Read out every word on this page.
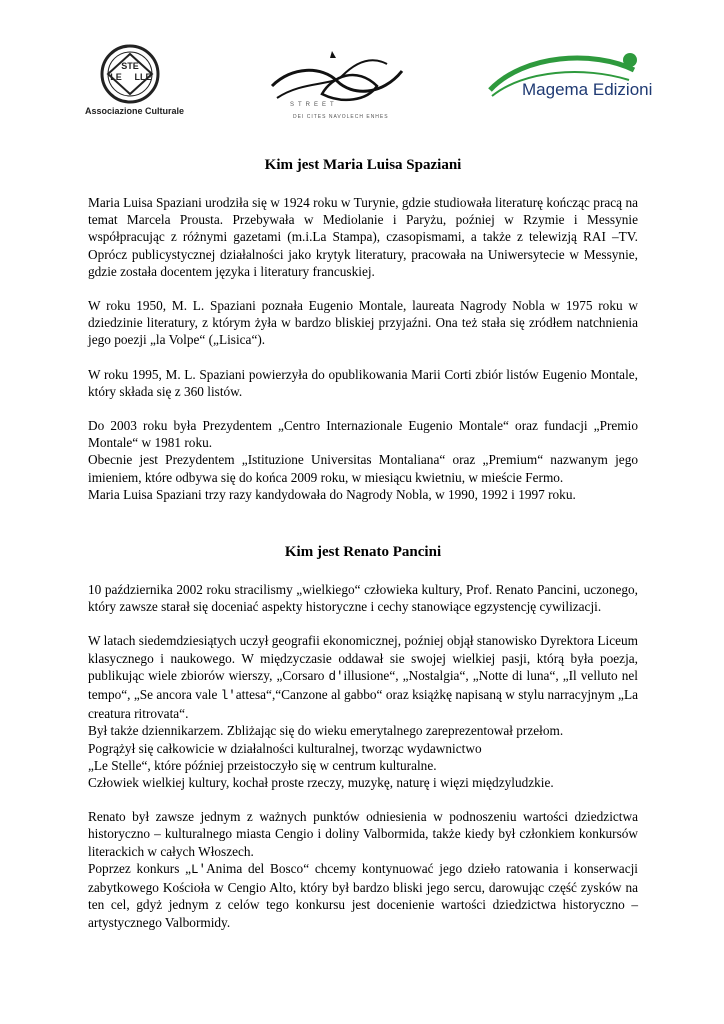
STE
LE LLE
Associazione Culturale
STREET
DEI CITES NAVOLECH ENHES
Magema Edizioni
Kim jest Maria Luisa Spaziani

Maria Luisa Spaziani urodziła się w 1924 roku w Turynie, gdzie studiowała literaturę kończąc pracą na temat Marcela Prousta. Przebywała w Mediolanie i Paryżu, poźniej w Rzymie i Messynie współpracując z różnymi gazetami (m.i.La Stampa), czasopismami, a także z telewizją RAI –TV. Oprócz publicystycznej działalności jako krytyk literatury, pracowała na Uniwersytecie w Messynie, gdzie została docentem języka i literatury francuskiej.

W roku 1950, M. L. Spaziani poznała Eugenio Montale, laureata Nagrody Nobla w 1975 roku w dziedzinie literatury, z którym żyła w bardzo bliskiej przyjaźni. Ona też stała się zródłem natchnienia jego poezji „la Volpe“ („Lisica“).

W roku 1995, M. L. Spaziani powierzyła do opublikowania Marii Corti zbiór listów Eugenio Montale, który składa się z 360 listów.

Do 2003 roku była Prezydentem „Centro Internazionale Eugenio Montale“ oraz fundacji „Premio Montale“ w 1981 roku.

Obecnie jest Prezydentem „Istituzione Universitas Montaliana“ oraz „Premium“ nazwanym jego imieniem, które odbywa się do końca 2009 roku, w miesiącu kwietniu, w mieście Fermo.

Maria Luisa Spaziani trzy razy kandydowała do Nagrody Nobla, w 1990, 1992 i 1997 roku.

Kim jest Renato Pancini

10 października 2002 roku stracilismy „wielkiego“ człowieka kultury, Prof. Renato Pancini, uczonego, który zawsze starał się doceniać aspekty historyczne i cechy stanowiące egzystencję cywilizacji.

W latach siedemdziesiątych uczył geografii ekonomicznej, poźniej objął stanowisko Dyrektora Liceum klasycznego i naukowego. W międzyczasie oddawał sie swojej wielkiej pasji, którą była poezja, publikując wiele zbiorów wierszy, „Corsaro d'illusione“, „Nostalgia“, „Notte di luna“, „Il velluto nel tempo“, „Se ancora vale l'attesa“,“Canzone al gabbo“ oraz książkę napisaną w stylu narracyjnym „La creatura ritrovata“.

Był także dziennikarzem. Zbliżając się do wieku emerytalnego zareprezentował przełom.

Pogrążył się całkowicie w działalności kulturalnej, tworząc wydawnictwo

„Le Stelle“, które później przeistoczyło się w centrum kulturalne.

Człowiek wielkiej kultury, kochał proste rzeczy, muzykę, naturę i więzi międzyludzkie.

Renato był zawsze jednym z ważnych punktów odniesienia w podnoszeniu wartości dziedzictwa historyczno – kulturalnego miasta Cengio i doliny Valbormida, także kiedy był członkiem konkursów literackich w całych Włoszech.

Poprzez konkurs „L'Anima del Bosco“ chcemy kontynuować jego dzieło ratowania i konserwacji zabytkowego Kościoła w Cengio Alto, który był bardzo bliski jego sercu, darowując część zysków na ten cel, gdyż jednym z celów tego konkursu jest docenienie wartości dziedzictwa historyczno – artystycznego Valbormidy.
